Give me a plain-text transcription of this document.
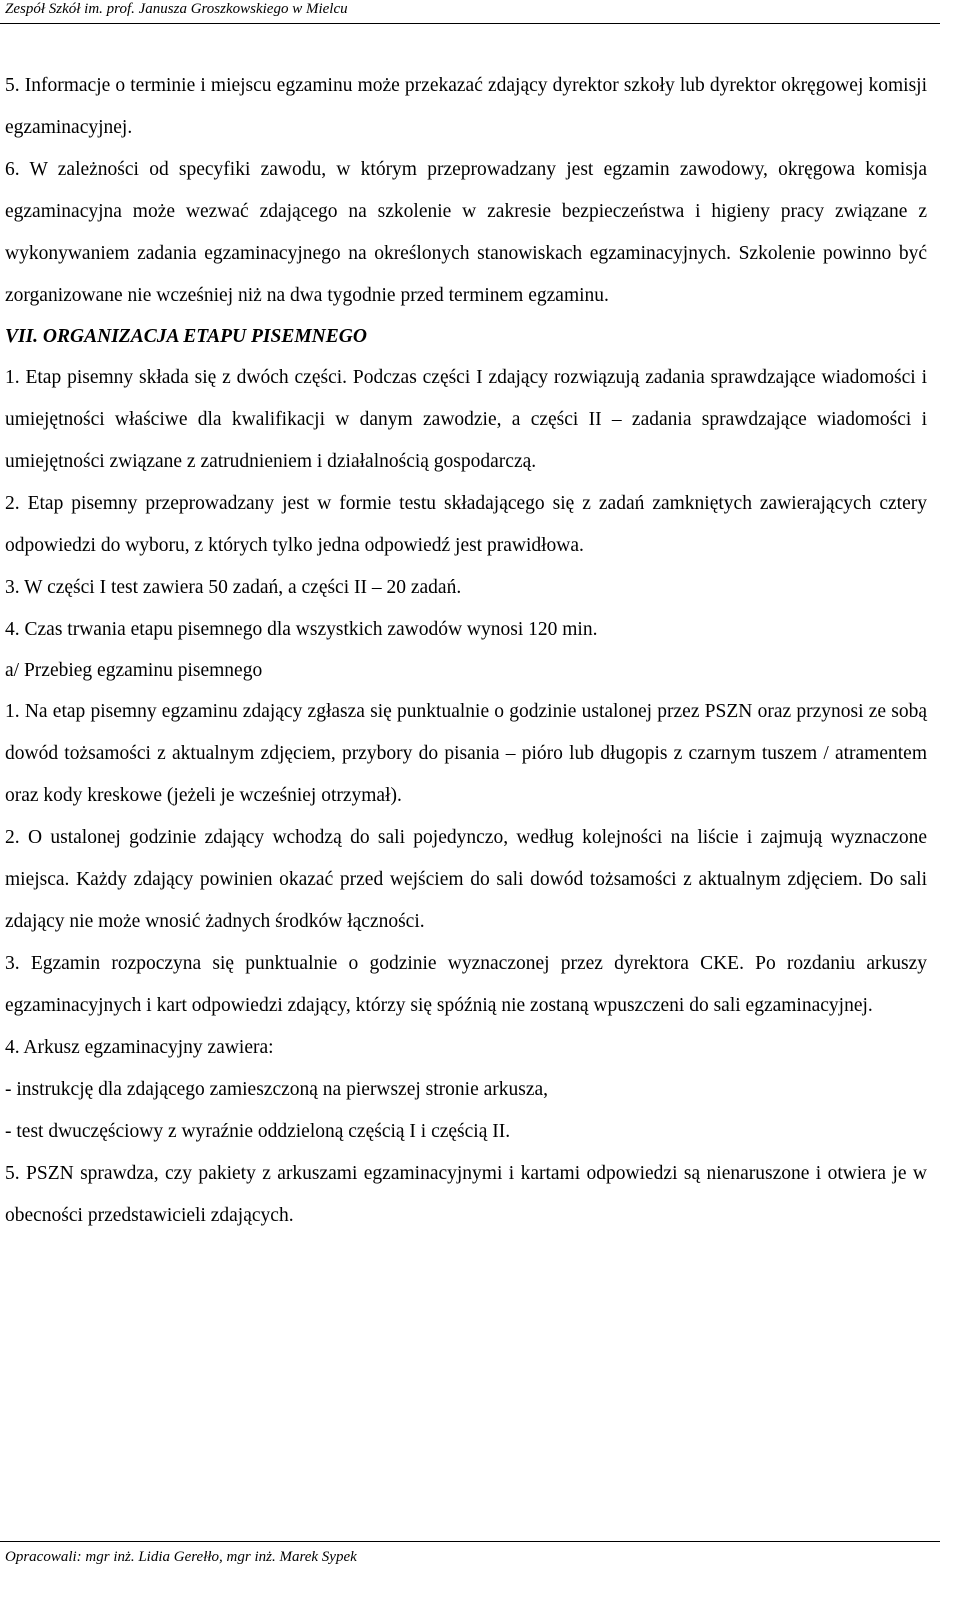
Zespół Szkół im. prof. Janusza Groszkowskiego w Mielcu

5. Informacje o terminie i miejscu egzaminu może przekazać zdający dyrektor szkoły lub dyrektor okręgowej komisji egzaminacyjnej.

6. W zależności od specyfiki zawodu, w którym przeprowadzany jest egzamin zawodowy, okręgowa komisja egzaminacyjna może wezwać zdającego na szkolenie w zakresie bezpieczeństwa i higieny pracy związane z wykonywaniem zadania egzaminacyjnego na określonych stanowiskach egzaminacyjnych. Szkolenie powinno być zorganizowane nie wcześniej niż na dwa tygodnie przed terminem egzaminu.

VII. ORGANIZACJA ETAPU PISEMNEGO

1. Etap pisemny składa się z dwóch części. Podczas części I zdający rozwiązują zadania sprawdzające wiadomości i umiejętności właściwe dla kwalifikacji w danym zawodzie, a części II – zadania sprawdzające wiadomości i umiejętności związane z zatrudnieniem i działalnością gospodarczą.

2. Etap pisemny przeprowadzany jest w formie testu składającego się z zadań zamkniętych zawierających cztery odpowiedzi do wyboru, z których tylko jedna odpowiedź jest prawidłowa.

3. W części I test zawiera 50 zadań, a części II – 20 zadań.

4. Czas trwania etapu pisemnego dla wszystkich zawodów wynosi 120 min.

a/ Przebieg egzaminu pisemnego

1. Na etap pisemny egzaminu zdający zgłasza się punktualnie o godzinie ustalonej przez PSZN oraz przynosi ze sobą dowód tożsamości z aktualnym zdjęciem, przybory do pisania – pióro lub długopis z czarnym tuszem / atramentem oraz kody kreskowe (jeżeli je wcześniej otrzymał).

2. O ustalonej godzinie zdający wchodzą do sali pojedynczo, według kolejności na liście i zajmują wyznaczone miejsca. Każdy zdający powinien okazać przed wejściem do sali dowód tożsamości z aktualnym zdjęciem. Do sali zdający nie może wnosić żadnych środków łączności.

3. Egzamin rozpoczyna się punktualnie o godzinie wyznaczonej przez dyrektora CKE. Po rozdaniu arkuszy egzaminacyjnych i kart odpowiedzi zdający, którzy się spóźnią nie zostaną wpuszczeni do sali egzaminacyjnej.

4. Arkusz egzaminacyjny zawiera:

- instrukcję dla zdającego zamieszczoną na pierwszej stronie arkusza,

- test dwuczęściowy z wyraźnie oddzieloną częścią I i częścią II.

5. PSZN sprawdza, czy pakiety z arkuszami egzaminacyjnymi i kartami odpowiedzi są nienaruszone i otwiera je w obecności przedstawicieli zdających.

Opracowali: mgr inż. Lidia Gerełło, mgr inż. Marek Sypek
